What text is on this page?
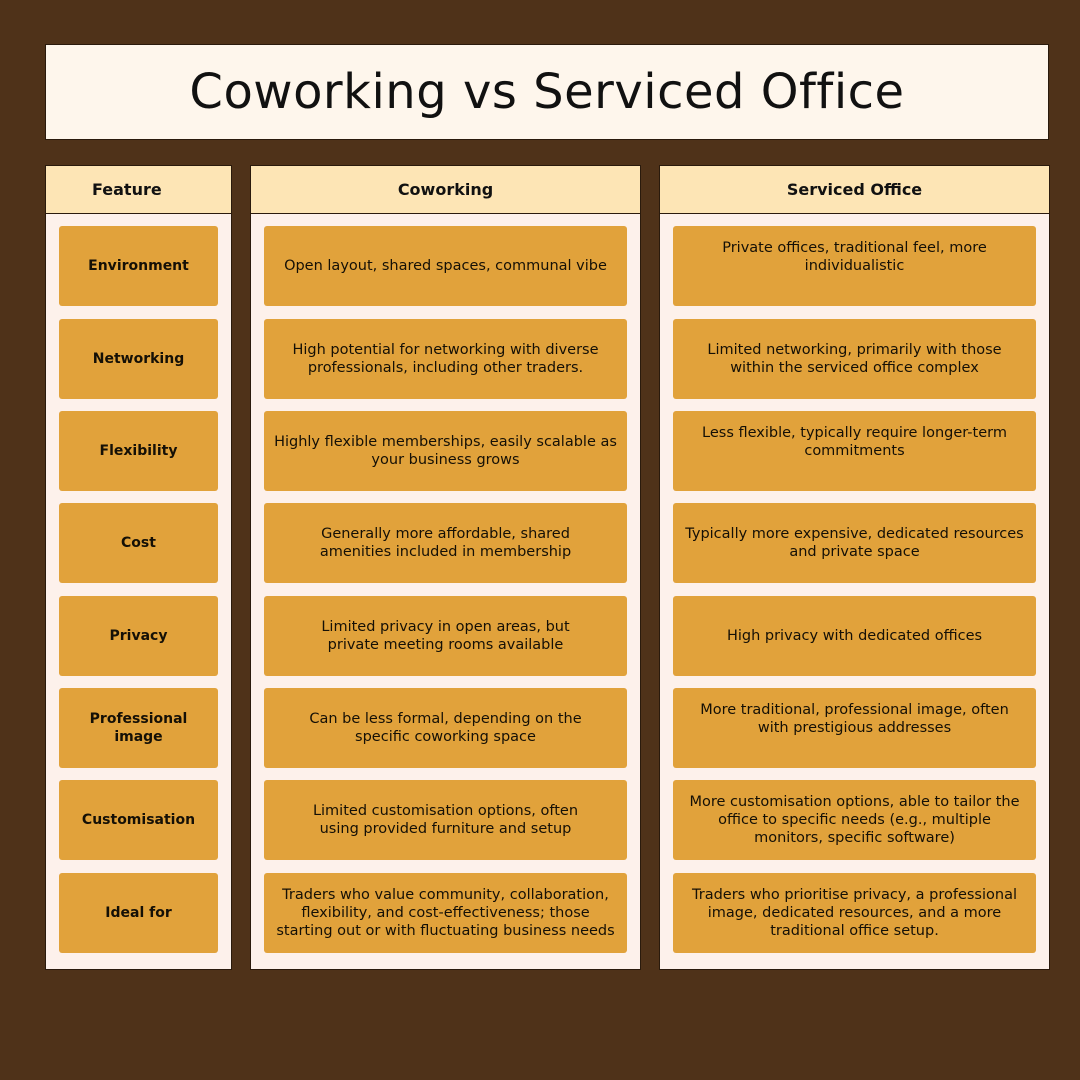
Coworking vs Serviced Office
Feature
Environment
Networking
Flexibility
Cost
Privacy
Professional image
Customisation
Ideal for
Coworking
Open layout, shared spaces, communal vibe
High potential for networking with diverse professionals, including other traders.
Highly flexible memberships, easily scalable as your business grows
Generally more affordable, shared amenities included in membership
Limited privacy in open areas, but private meeting rooms available
Can be less formal, depending on the specific coworking space
Limited customisation options, often using provided furniture and setup
Traders who value community, collaboration, flexibility, and cost-effectiveness; those starting out or with fluctuating business needs
Serviced Office
Private offices, traditional feel, more individualistic
Limited networking, primarily with those within the serviced office complex
Less flexible, typically require longer-term commitments
Typically more expensive, dedicated resources and private space
High privacy with dedicated offices
More traditional, professional image, often with prestigious addresses
More customisation options, able to tailor the office to specific needs (e.g., multiple monitors, specific software)
Traders who prioritise privacy, a professional image, dedicated resources, and a more traditional office setup.
